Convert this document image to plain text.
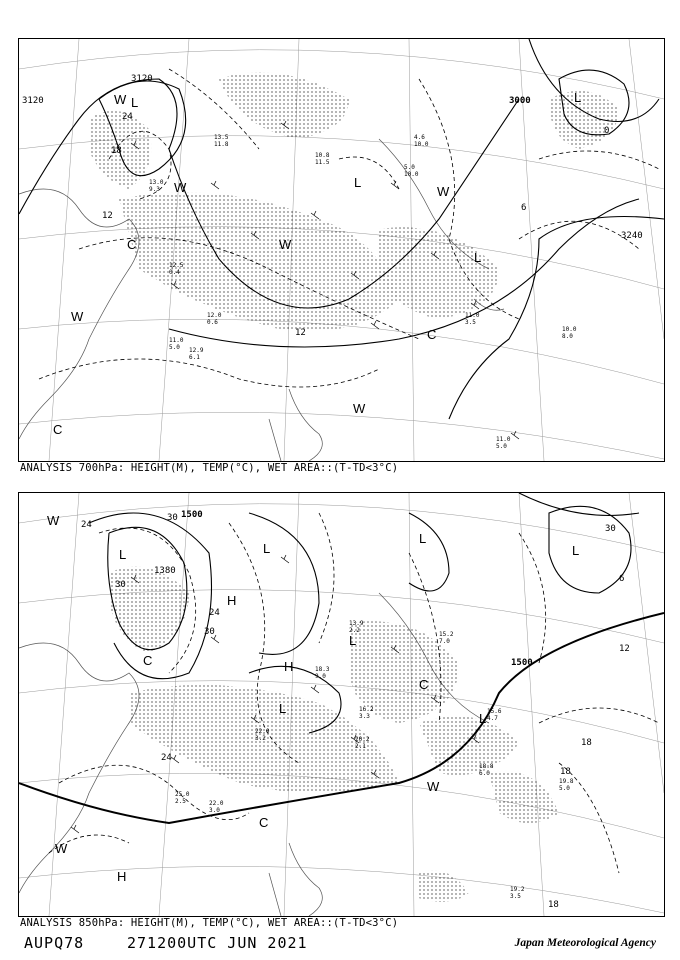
3120
3120
3000
3240
24
18
12
6
0
12
L
L
L
L
W
W
W
W
W
W
C
C
C
13.0
9.3
12.5
0.4
13.5
11.8
10.8
11.5
5.0
10.0
4.6
10.0
11.0
5.0
12.0
0.6
10.0
8.0
11.0
3.5
11.0
5.0
12.9
6.1
ANALYSIS 700hPa: HEIGHT(M), TEMP(°C), WET AREA::(T-TD<3°C)
1500
1380
1500
24
30
30
24
30
12
18
18
18
6
30
24
L	L
L
L
L
L
L
H
H
H
W
W
W
C
C
C
25.0
2.5	22.0
3.0
19.2
3.5
15.2
7.0
18.8
6.0
19.8
5.0
13.9
2.2
15.6
4.7
20.2
2.1
22.0
3.2
18.3
9.0
16.2
3.3
ANALYSIS 850hPa: HEIGHT(M), TEMP(°C), WET AREA::(T-TD<3°C)
AUPQ78	271200UTC JUN 2021	Japan Meteorological Agency
